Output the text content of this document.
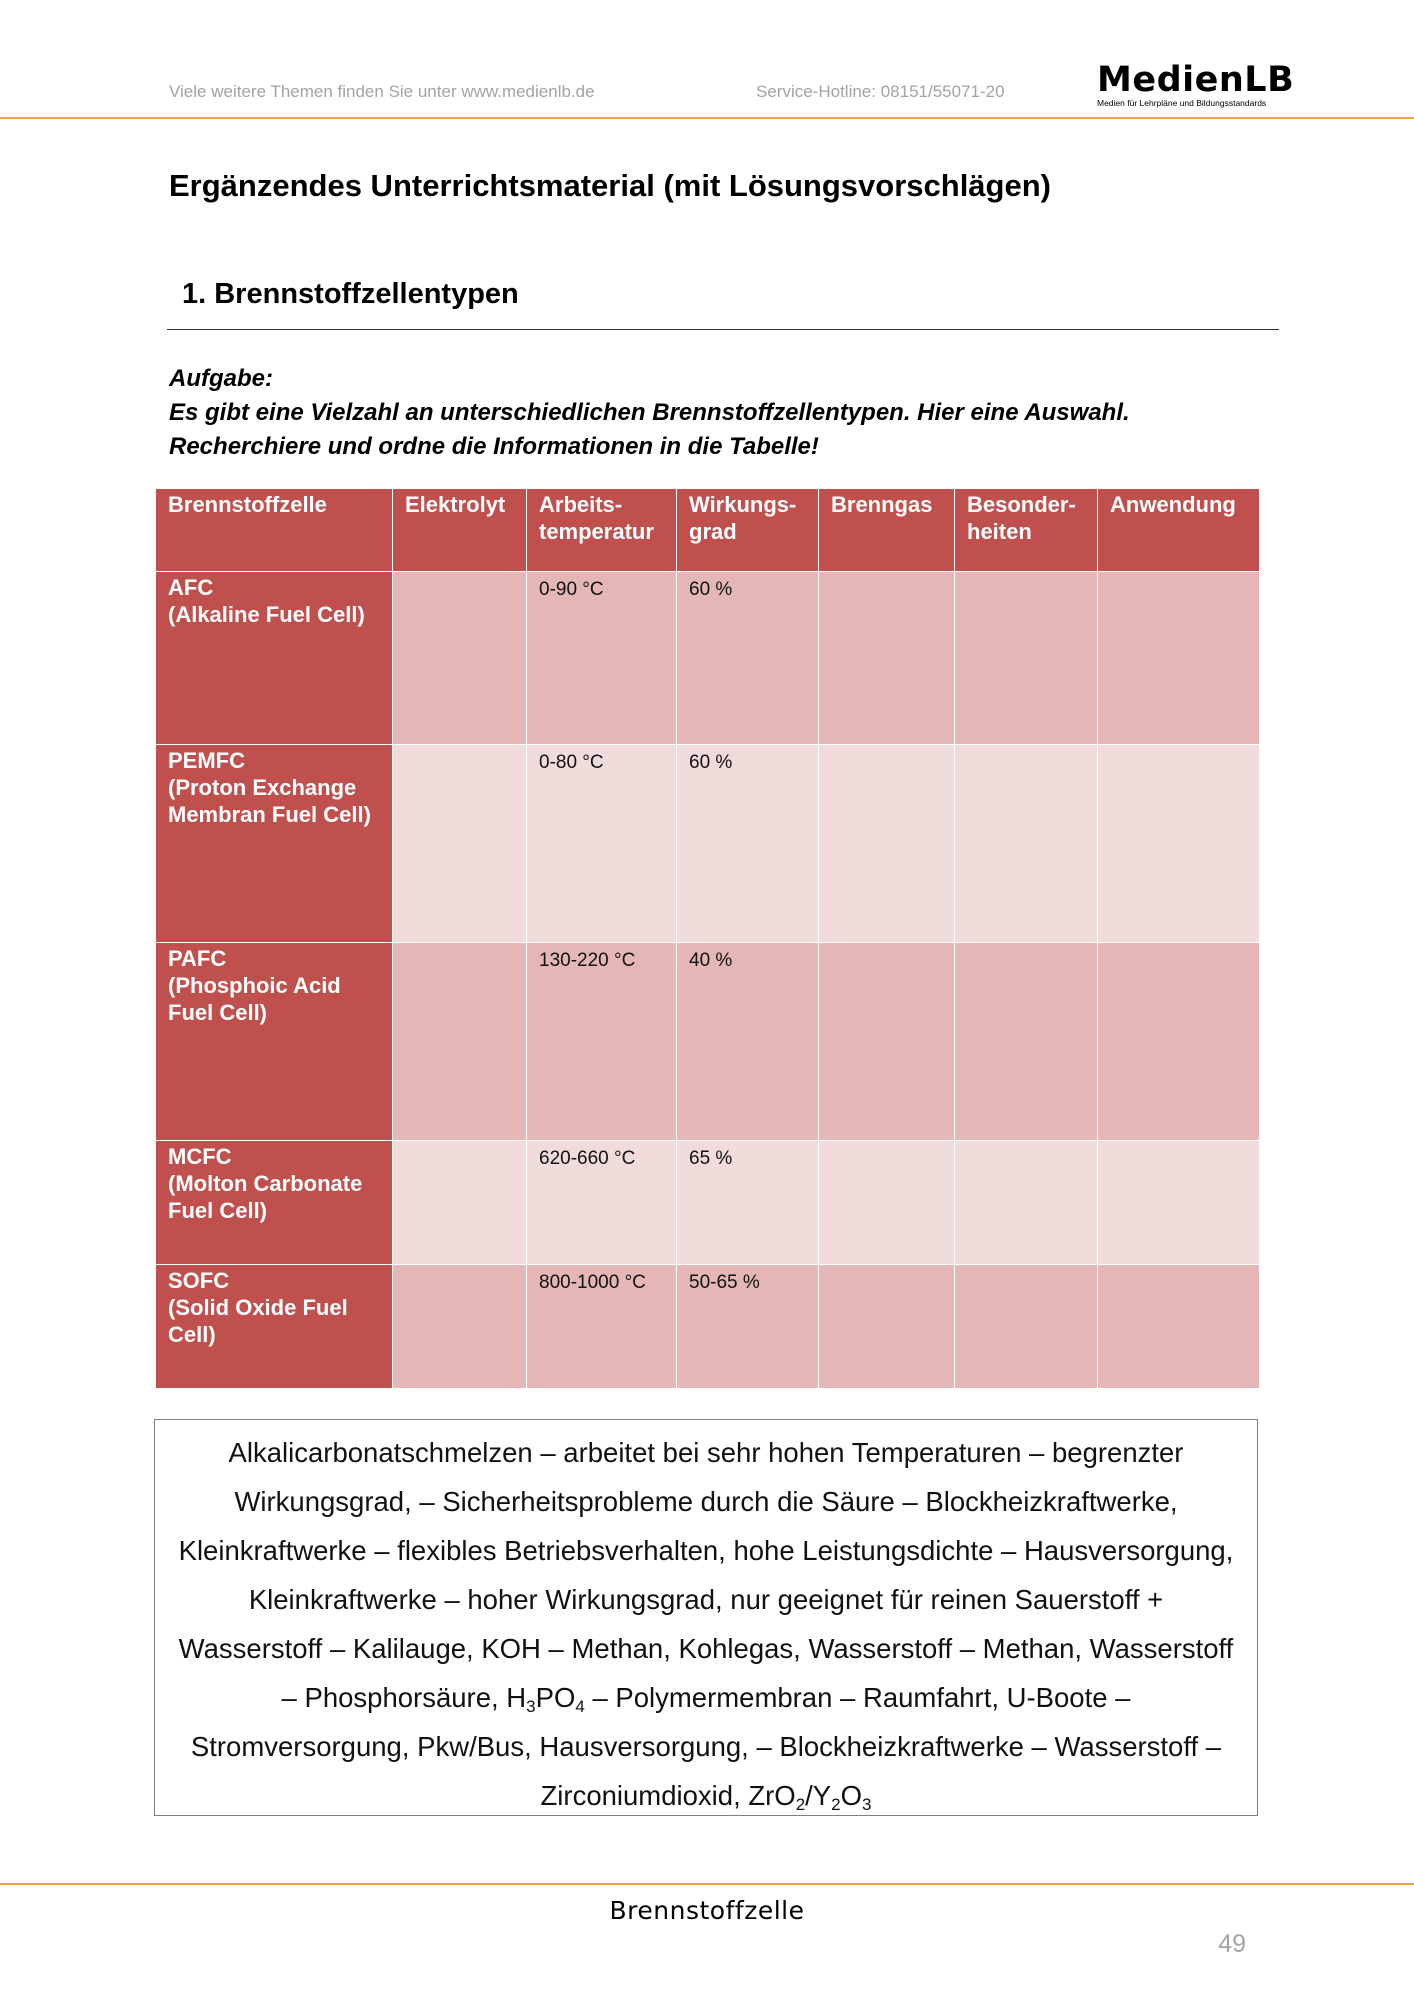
Viele weitere Themen finden Sie unter www.medienlb.de	Service-Hotline: 08151/55071-20	MedienLB
Medien für Lehrpläne und Bildungsstandards
Ergänzendes Unterrichtsmaterial (mit Lösungsvorschlägen)
1. Brennstoffzellentypen
Aufgabe:
Es gibt eine Vielzahl an unterschiedlichen Brennstoffzellentypen. Hier eine Auswahl.
Recherchiere und ordne die Informationen in die Tabelle!
Brennstoffzelle	Elektrolyt	Arbeits- temperatur	Wirkungs- grad	Brenngas	Besonder- heiten	Anwendung

AFC
(Alkaline Fuel Cell)		0-90 °C	60 %			

PEMFC
(Proton Exchange Membran Fuel Cell)		0-80 °C	60 %			

PAFC
(Phosphoic Acid Fuel Cell)		130-220 °C	40 %			

MCFC
(Molton Carbonate Fuel Cell)		620-660 °C	65 %			

SOFC
(Solid Oxide Fuel Cell)		800-1000 °C	50-65 %			
Alkalicarbonatschmelzen – arbeitet bei sehr hohen Temperaturen – begrenzter Wirkungsgrad, – Sicherheitsprobleme durch die Säure – Blockheizkraftwerke, Kleinkraftwerke – flexibles Betriebsverhalten, hohe Leistungsdichte – Hausversorgung, Kleinkraftwerke – hoher Wirkungsgrad, nur geeignet für reinen Sauerstoff + Wasserstoff – Kalilauge, KOH – Methan, Kohlegas, Wasserstoff – Methan, Wasserstoff – Phosphorsäure, $H_3PO_4$ – Polymermembran – Raumfahrt, U-Boote – Stromversorgung, Pkw/Bus, Hausversorgung, – Blockheizkraftwerke – Wasserstoff – Zirconiumdioxid, $ZrO_2/Y_2O_3$
Brennstoffzelle
49
